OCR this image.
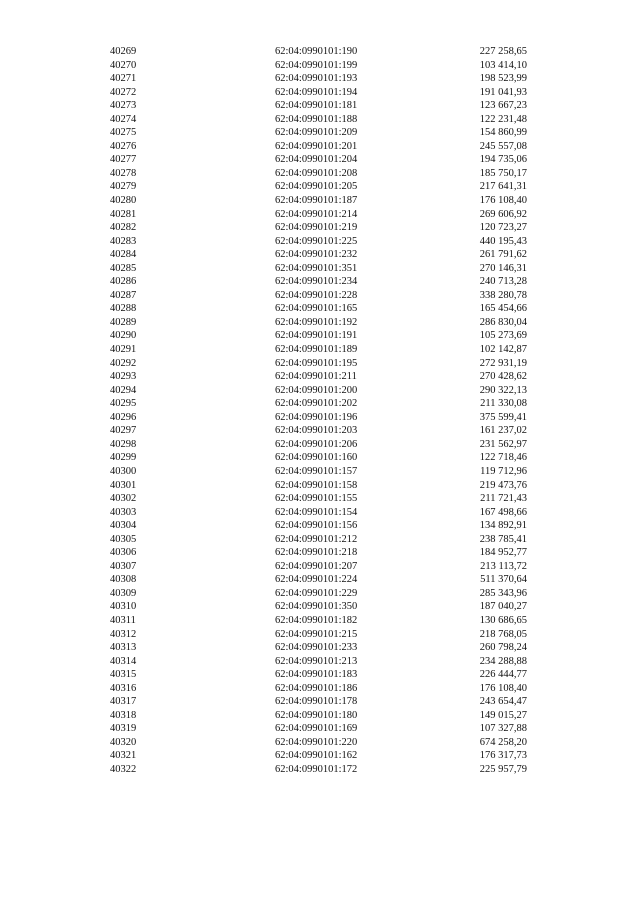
40269	62:04:0990101:190	227 258,65
40270	62:04:0990101:199	103 414,10
40271	62:04:0990101:193	198 523,99
40272	62:04:0990101:194	191 041,93
40273	62:04:0990101:181	123 667,23
40274	62:04:0990101:188	122 231,48
40275	62:04:0990101:209	154 860,99
40276	62:04:0990101:201	245 557,08
40277	62:04:0990101:204	194 735,06
40278	62:04:0990101:208	185 750,17
40279	62:04:0990101:205	217 641,31
40280	62:04:0990101:187	176 108,40
40281	62:04:0990101:214	269 606,92
40282	62:04:0990101:219	120 723,27
40283	62:04:0990101:225	440 195,43
40284	62:04:0990101:232	261 791,62
40285	62:04:0990101:351	270 146,31
40286	62:04:0990101:234	240 713,28
40287	62:04:0990101:228	338 280,78
40288	62:04:0990101:165	165 454,66
40289	62:04:0990101:192	286 830,04
40290	62:04:0990101:191	105 273,69
40291	62:04:0990101:189	102 142,87
40292	62:04:0990101:195	272 931,19
40293	62:04:0990101:211	270 428,62
40294	62:04:0990101:200	290 322,13
40295	62:04:0990101:202	211 330,08
40296	62:04:0990101:196	375 599,41
40297	62:04:0990101:203	161 237,02
40298	62:04:0990101:206	231 562,97
40299	62:04:0990101:160	122 718,46
40300	62:04:0990101:157	119 712,96
40301	62:04:0990101:158	219 473,76
40302	62:04:0990101:155	211 721,43
40303	62:04:0990101:154	167 498,66
40304	62:04:0990101:156	134 892,91
40305	62:04:0990101:212	238 785,41
40306	62:04:0990101:218	184 952,77
40307	62:04:0990101:207	213 113,72
40308	62:04:0990101:224	511 370,64
40309	62:04:0990101:229	285 343,96
40310	62:04:0990101:350	187 040,27
40311	62:04:0990101:182	130 686,65
40312	62:04:0990101:215	218 768,05
40313	62:04:0990101:233	260 798,24
40314	62:04:0990101:213	234 288,88
40315	62:04:0990101:183	226 444,77
40316	62:04:0990101:186	176 108,40
40317	62:04:0990101:178	243 654,47
40318	62:04:0990101:180	149 015,27
40319	62:04:0990101:169	107 327,88
40320	62:04:0990101:220	674 258,20
40321	62:04:0990101:162	176 317,73
40322	62:04:0990101:172	225 957,79
